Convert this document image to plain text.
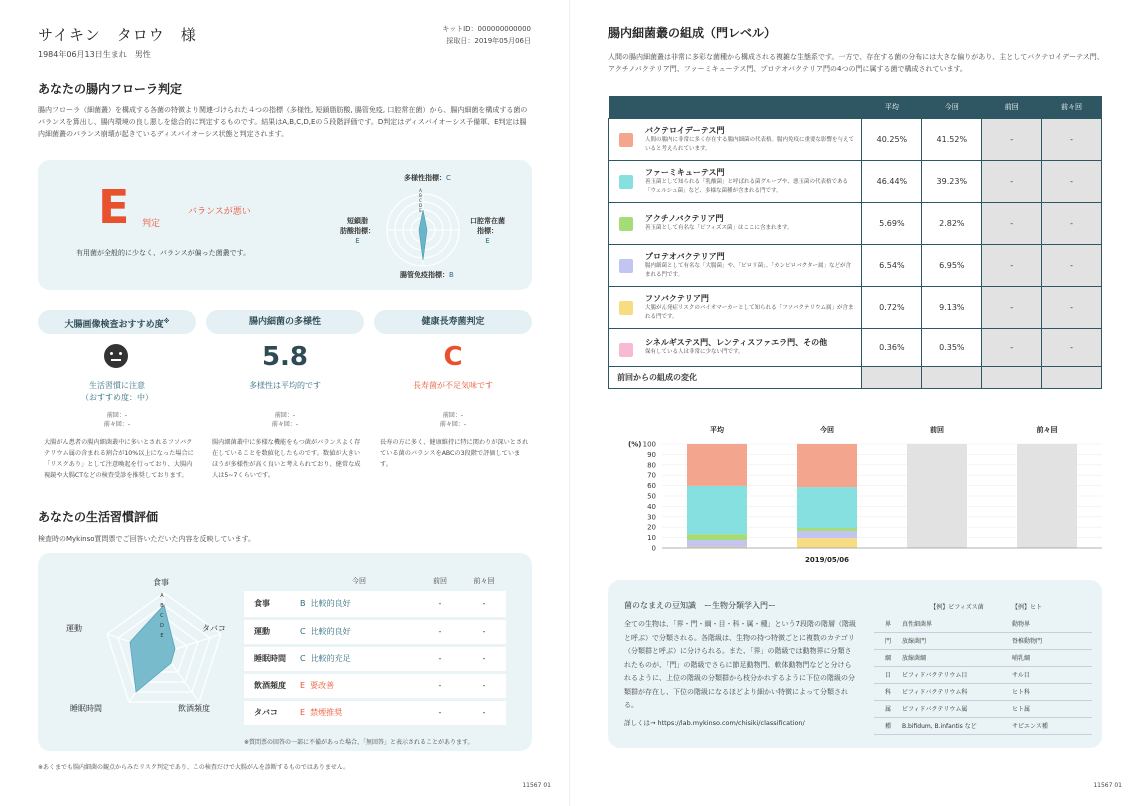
サイキン　タロウ　様
1984年06月13日生まれ　男性
キットID：000000000000
採取日：2019年05月06日
あなたの腸内フローラ判定
腸内フローラ（細菌叢）を構成する各菌の特徴より関連づけられた４つの指標（多様性, 短鎖脂肪酸, 腸管免疫, 口腔常在菌）から、腸内細菌を構成する菌のバランスを算出し、腸内環境の良し悪しを総合的に判定するものです。結果はA,B,C,D,Eの５段階評価です。D判定はディスバイオーシス予備軍、E判定は腸内細菌叢のバランス崩壊が起きているディスバイオーシス状態と判定されます。
E 判定
バランスが悪い
有用菌が全般的に少なく、バランスが偏った菌叢です。
A
B
C
D
E
多様性指標：C
口腔常在菌
指標：
E
腸管免疫指標：B
短鎖脂
肪酸指標：
E
大腸画像検査おすすめ度※	腸内細菌の多様性	健康長寿菌判定
生活習慣に注意
（おすすめ度：中）
前回：-
前々回：-
大腸がん患者の腸内細菌叢中に多いとされるフソバクテリウム属の含まれる割合が10%以上になった場合に「リスクあり」として注意喚起を行っており、大腸内視鏡や大腸CTなどの検査受診を推奨しております。
5.8
多様性は平均的です
前回：-
前々回：-
腸内細菌叢中に多様な機能をもつ菌がバランスよく存在していることを数値化したものです。数値が大きいほうが多様性が高く良いと考えられており、健常な成人は5~7くらいです。
C
長寿菌が不足気味です
前回：-
前々回：-
長寿の方に多く、健康維持に特に関わりが深いとされている菌のバランスをABCの3段階で評価しています。
あなたの生活習慣評価
検査時のMykinso質問票でご回答いただいた内容を反映しています。
A
B
C
D
E
食事
タバコ
飲酒頻度
睡眠時間
運動
	今回	前回	前々回
食事	B 比較的良好	-	-
運動	C 比較的良好	-	-
睡眠時間	C 比較的充足	-	-
飲酒頻度	E 要改善	-	-
タバコ	E 禁煙推奨	-	-
※質問票の回答の一部に不備があった場合、「無回答」と表示されることがあります。
※あくまでも腸内細菌の観点からみたリスク判定であり、この検査だけで大腸がんを診断するものではありません。
11567 01
腸内細菌叢の組成（門レベル）
人間の腸内細菌叢は非常に多彩な菌種から構成される複雑な生態系です。一方で、存在する菌の分布には大きな偏りがあり、主としてバクテロイデーテス門、アクチノバクテリア門、ファーミキューテス門、プロテオバクテリア門の4つの門に属する菌で構成されています。
	平均	今回	前回	前々回

バクテロイデーテス門
人間の腸内に非常に多く存在する腸内細菌の代表格。腸内免疫に重要な影響を与えていると考えられています。	40.25%	41.52%	-	-

ファーミキューテス門
善玉菌として知られる「乳酸菌」と呼ばれる菌グループや、悪玉菌の代表格である「ウェルシュ菌」など、多様な菌種が含まれる門です。	46.44%	39.23%	-	-

アクチノバクテリア門
善玉菌として有名な「ビフィズス菌」はここに含まれます。	5.69%	2.82%	-	-

プロテオバクテリア門
腸内細菌として有名な「大腸菌」や、「ピロリ菌」、「カンピロバクター属」などが含まれる門です。	6.54%	6.95%	-	-

フソバクテリア門
大腸がん発症リスクのバイオマーカーとして知られる「フソバクテリウム属」が含まれる門です。	0.72%	9.13%	-	-

シネルギステス門、レンティスファエラ門、その他
保有している人は非常に少ない門です。	0.36%	0.35%	-	-
前回からの組成の変化				
0
10
20
30
40
50
60
70
80
90
100
(%)
平均	今回	前回	前々回
2019/05/06
菌のなまえの豆知識　ー生物分類学入門ー
全ての生物は、「界・門・綱・目・科・属・種」という7段階の階層（階級と呼ぶ）で分類される。各階級は、生物の持つ特徴ごとに複数のカテゴリ（分類群と呼ぶ）に分けられる。また、「界」の階級では動物界に分類されたものが、「門」の階級でさらに節足動物門、軟体動物門などと分けられるように、上位の階級の分類群から枝分かれするように下位の階級の分類群が存在し、下位の階級になるほどより細かい特徴によって分類される。
詳しくは→ https://lab.mykinso.com/chisiki/classification/
	【例】ビフィズス菌	【例】ヒト
界	真性細菌界	動物界
門	放線菌門	脊椎動物門
綱	放線菌綱	哺乳綱
目	ビフィドバクテリウム目	サル目
科	ビフィドバクテリウム科	ヒト科
属	ビフィドバクテリウム属	ヒト属
種	B.bifidum, B.infantis など	サピエンス種
11567 01
